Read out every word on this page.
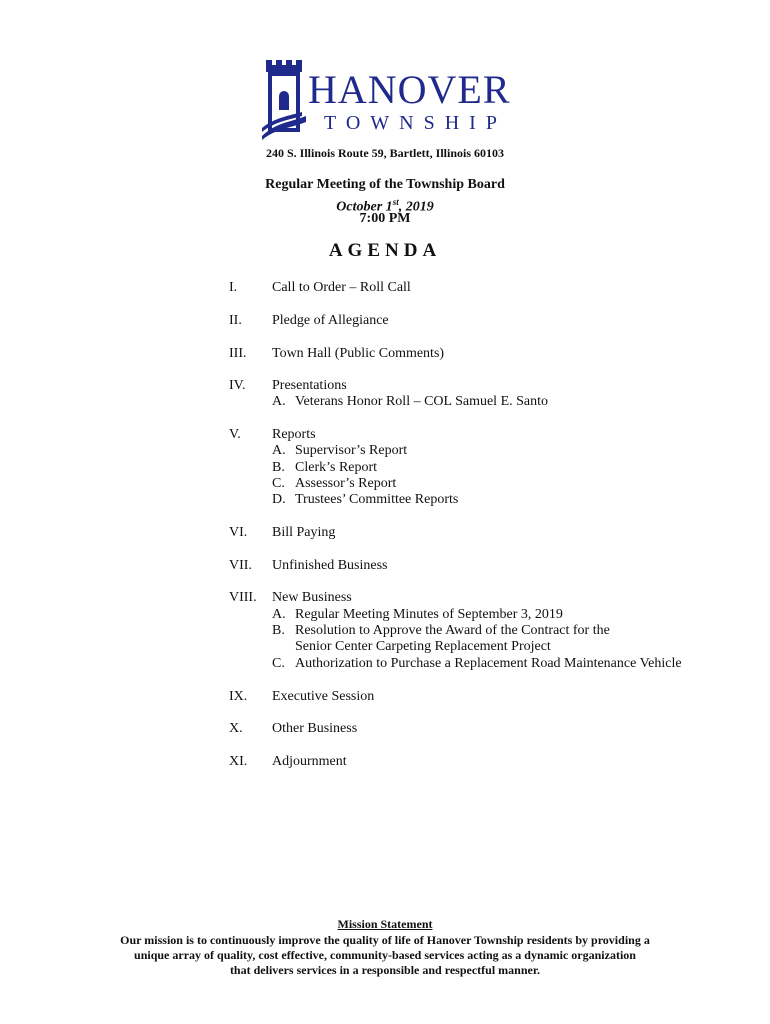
HANOVER
TOWNSHIP
240 S. Illinois Route 59, Bartlett, Illinois 60103
Regular Meeting of the Township Board
October 1st, 2019
7:00 PM
AGENDA
I. Call to Order – Roll Call
II. Pledge of Allegiance
III. Town Hall (Public Comments)
IV. Presentations
A. Veterans Honor Roll – COL Samuel E. Santo
V. Reports
A. Supervisor’s Report
B. Clerk’s Report
C. Assessor’s Report
D. Trustees’ Committee Reports
VI. Bill Paying
VII. Unfinished Business
VIII. New Business
A. Regular Meeting Minutes of September 3, 2019
B. Resolution to Approve the Award of the Contract for the
Senior Center Carpeting Replacement Project
C. Authorization to Purchase a Replacement Road Maintenance Vehicle
IX. Executive Session
X. Other Business
XI. Adjournment
Mission Statement
Our mission is to continuously improve the quality of life of Hanover Township residents by providing a
unique array of quality, cost effective, community-based services acting as a dynamic organization
that delivers services in a responsible and respectful manner.
